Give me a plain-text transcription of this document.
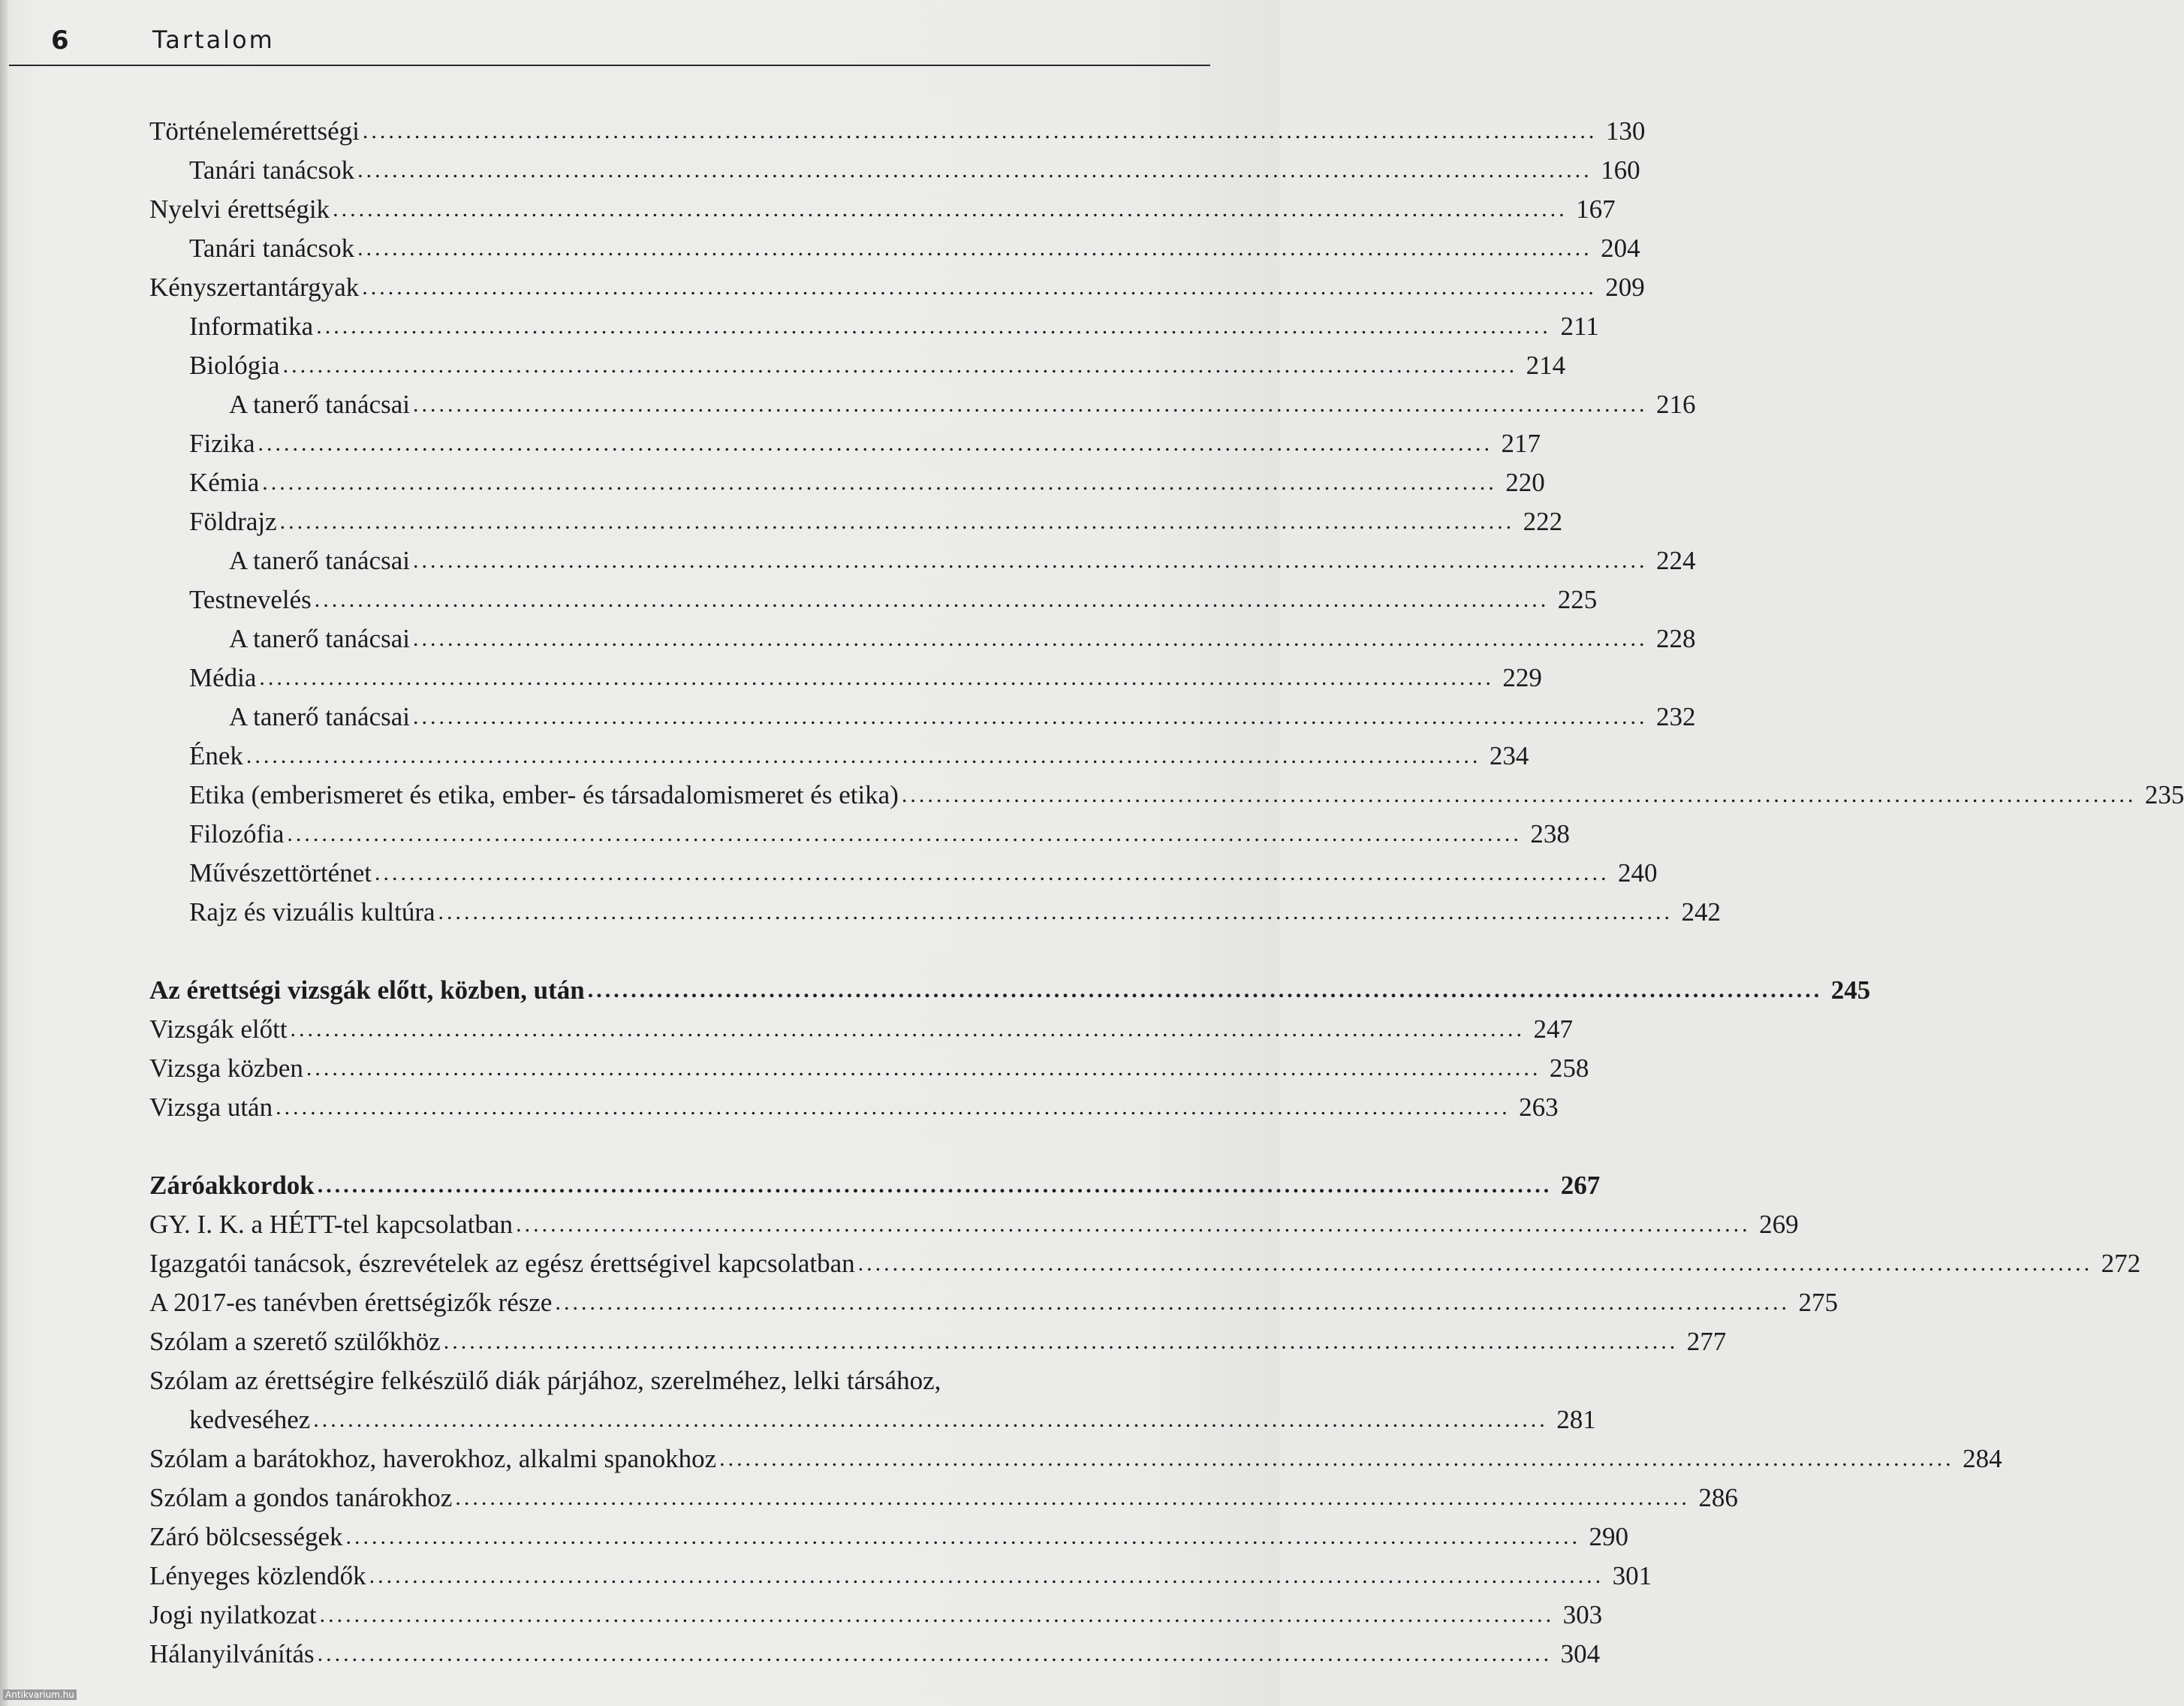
6	Tartalom
Történelemérettségi ............................................................................................................................................... 130
Tanári tanácsok ............................................................................................................................................... 160
Nyelvi érettségik ............................................................................................................................................... 167
Tanári tanácsok ............................................................................................................................................... 204
Kényszertantárgyak ............................................................................................................................................... 209
Informatika ............................................................................................................................................... 211
Biológia ............................................................................................................................................... 214
A tanerő tanácsai ............................................................................................................................................... 216
Fizika ............................................................................................................................................... 217
Kémia ............................................................................................................................................... 220
Földrajz ............................................................................................................................................... 222
A tanerő tanácsai ............................................................................................................................................... 224
Testnevelés ............................................................................................................................................... 225
A tanerő tanácsai ............................................................................................................................................... 228
Média ............................................................................................................................................... 229
A tanerő tanácsai ............................................................................................................................................... 232
Ének ............................................................................................................................................... 234
Etika (emberismeret és etika, ember- és társadalomismeret és etika) ............................................................................................................................................... 235
Filozófia ............................................................................................................................................... 238
Művészettörténet ............................................................................................................................................... 240
Rajz és vizuális kultúra ............................................................................................................................................... 242
Az érettségi vizsgák előtt, közben, után ............................................................................................................................................... 245
Vizsgák előtt ............................................................................................................................................... 247
Vizsga közben ............................................................................................................................................... 258
Vizsga után ............................................................................................................................................... 263
Záróakkordok ............................................................................................................................................... 267
GY. I. K. a HÉTT-tel kapcsolatban ............................................................................................................................................... 269
Igazgatói tanácsok, észrevételek az egész érettségivel kapcsolatban ............................................................................................................................................... 272
A 2017-es tanévben érettségizők része ............................................................................................................................................... 275
Szólam a szerető szülőkhöz ............................................................................................................................................... 277
Szólam az érettségire felkészülő diák párjához, szerelméhez, lelki társához,
kedveséhez ............................................................................................................................................... 281
Szólam a barátokhoz, haverokhoz, alkalmi spanokhoz ............................................................................................................................................... 284
Szólam a gondos tanárokhoz ............................................................................................................................................... 286
Záró bölcsességek ............................................................................................................................................... 290
Lényeges közlendők ............................................................................................................................................... 301
Jogi nyilatkozat ............................................................................................................................................... 303
Hálanyilvánítás ............................................................................................................................................... 304
Antikvarium.hu
